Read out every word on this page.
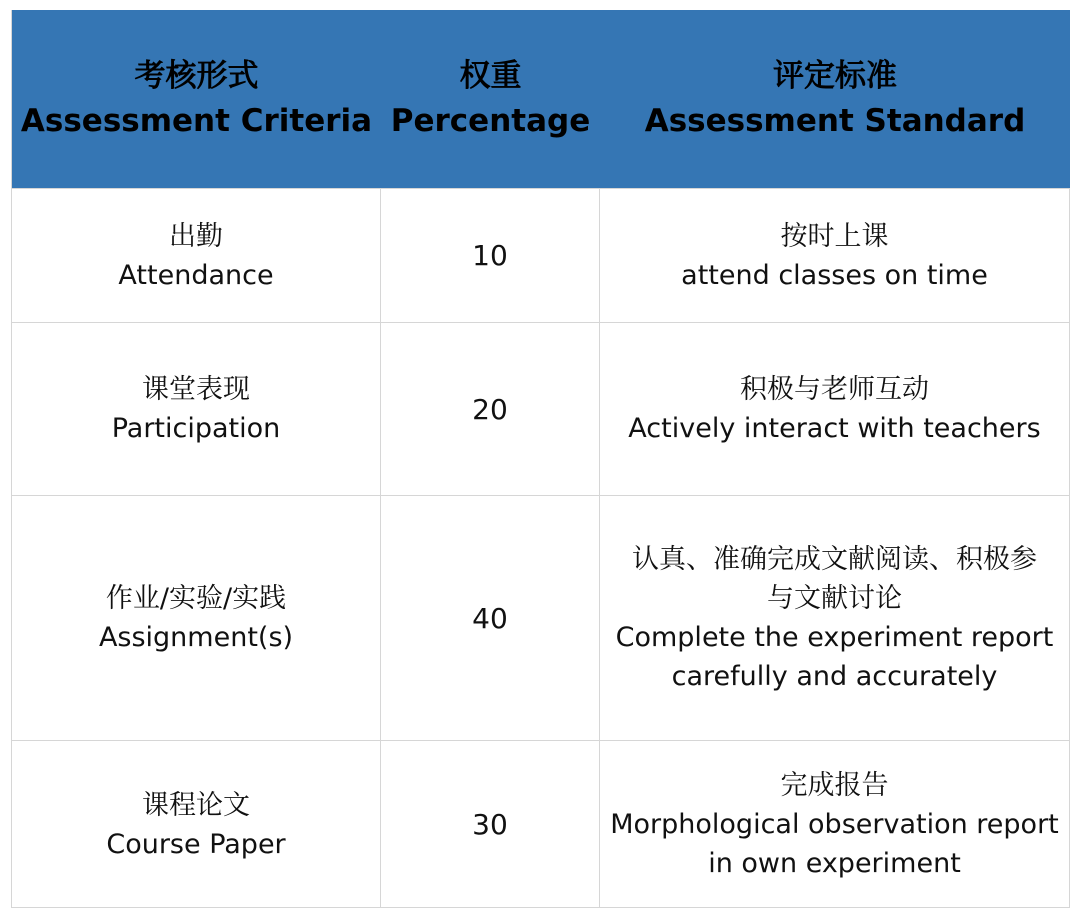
考核形式
Assessment Criteria
权重
Percentage
评定标准
Assessment Standard
出勤
Attendance
10
按时上课
attend classes on time
课堂表现
Participation
20
积极与老师互动
Actively interact with teachers
作业/实验/实践
Assignment(s)
40
认真、准确完成文献阅读、积极参
与文献讨论
Complete the experiment report
carefully and accurately
课程论文
Course Paper
30
完成报告
Morphological observation report
in own experiment
